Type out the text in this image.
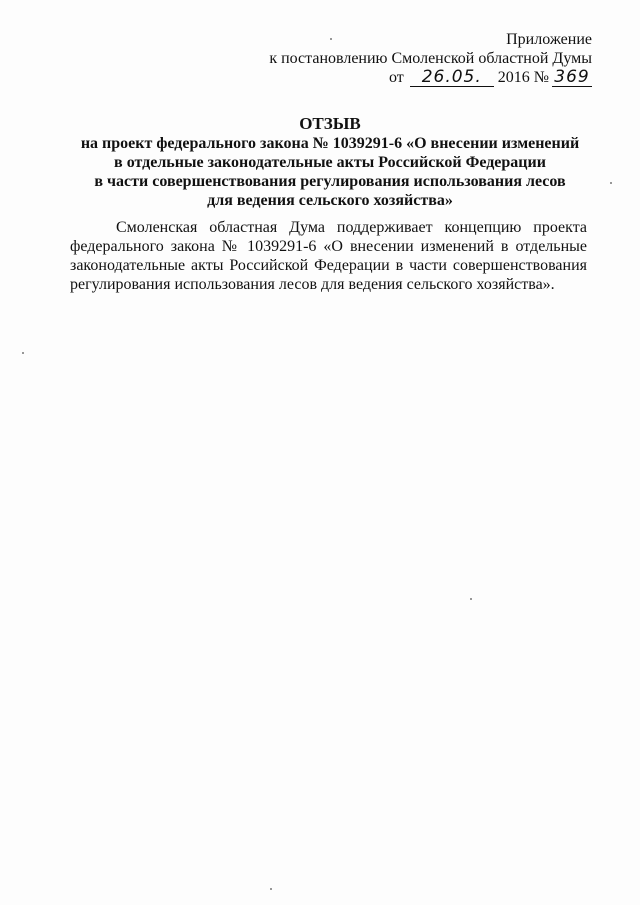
Приложение
к постановлению Смоленской областной Думы
от 26.05. 2016 № 369
ОТЗЫВ
на проект федерального закона № 1039291-6 «О внесении изменений
в отдельные законодательные акты Российской Федерации
в части совершенствования регулирования использования лесов
для ведения сельского хозяйства»
Смоленская областная Дума поддерживает концепцию проекта федерального закона № 1039291-6 «О внесении изменений в отдельные законодательные акты Российской Федерации в части совершенствования регулирования использования лесов для ведения сельского хозяйства».
